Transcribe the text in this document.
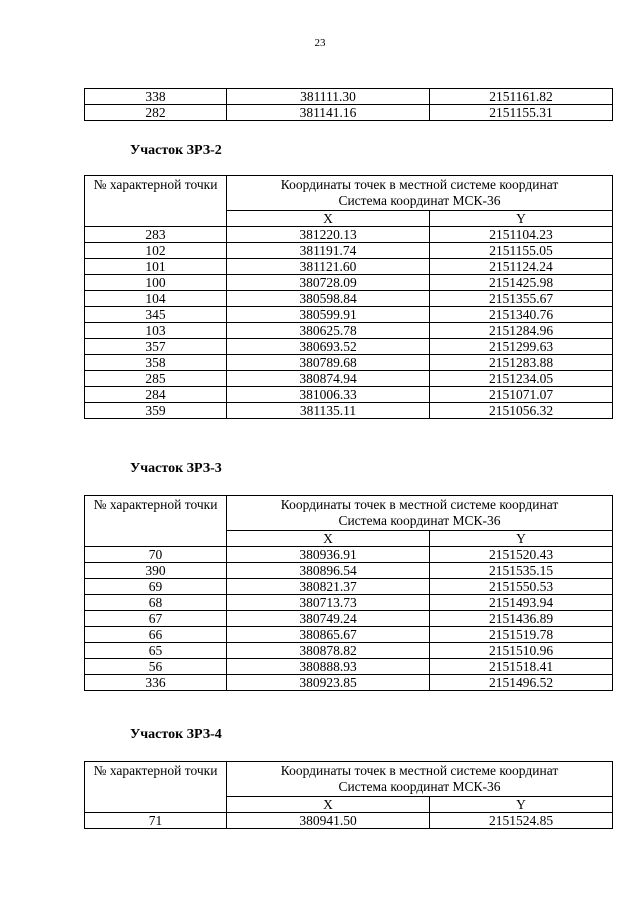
23
338	381111.30	2151161.82
282	381141.16	2151155.31
Участок ЗРЗ-2
№ характерной точки	Координаты точек в местной системе координат
Система координат МСК-36	
	X	Y
283	381220.13	2151104.23
102	381191.74	2151155.05
101	381121.60	2151124.24
100	380728.09	2151425.98
104	380598.84	2151355.67
345	380599.91	2151340.76
103	380625.78	2151284.96
357	380693.52	2151299.63
358	380789.68	2151283.88
285	380874.94	2151234.05
284	381006.33	2151071.07
359	381135.11	2151056.32
Участок ЗРЗ-3
№ характерной точки	Координаты точек в местной системе координат
Система координат МСК-36	
	X	Y
70	380936.91	2151520.43
390	380896.54	2151535.15
69	380821.37	2151550.53
68	380713.73	2151493.94
67	380749.24	2151436.89
66	380865.67	2151519.78
65	380878.82	2151510.96
56	380888.93	2151518.41
336	380923.85	2151496.52
Участок ЗРЗ-4
№ характерной точки	Координаты точек в местной системе координат
Система координат МСК-36	
	X	Y
71	380941.50	2151524.85
